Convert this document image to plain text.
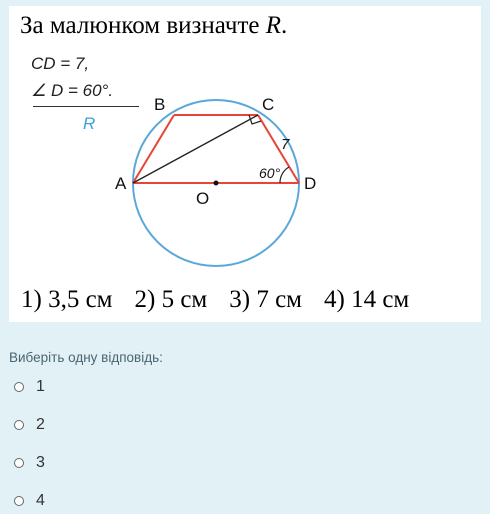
За малюнком визначте R.
CD = 7,
∠ D = 60°.
R
B	C
A	D
O
7
60°
1) 3,5 см 2) 5 см 3) 7 см 4) 14 см
Виберіть одну відповідь:
1
2
3
4
